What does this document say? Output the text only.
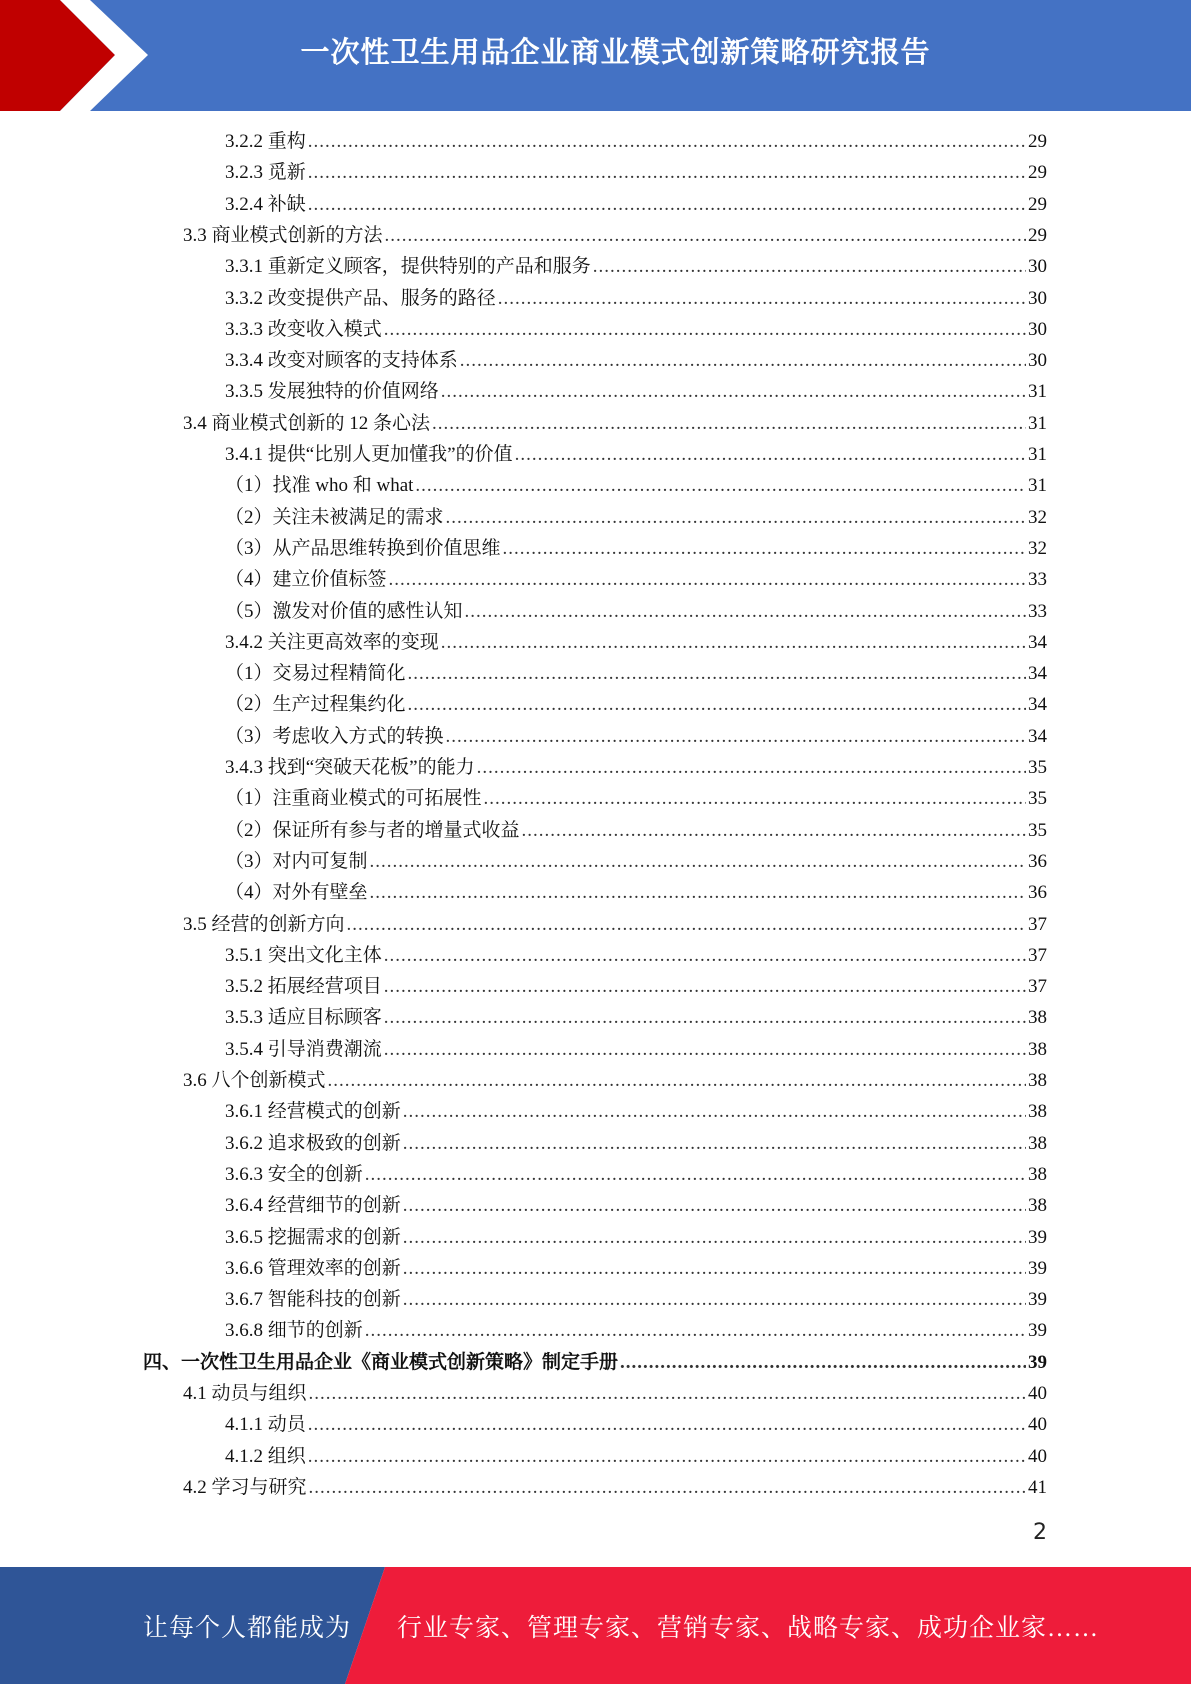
一次性卫生用品企业商业模式创新策略研究报告
3.2.2 重构 .....	29
3.2.3 觅新 .....	29
3.2.4 补缺 .....	29
3.3 商业模式创新的方法 .....	29
3.3.1 重新定义顾客，提供特别的产品和服务 .....	30
3.3.2 改变提供产品、服务的路径 .....	30
3.3.3 改变收入模式 .....	30
3.3.4 改变对顾客的支持体系 .....	30
3.3.5 发展独特的价值网络 .....	31
3.4 商业模式创新的 12 条心法 .....	31
3.4.1 提供“比别人更加懂我”的价值 .....	31
（1）找准 who 和 what .....	31
（2）关注未被满足的需求 .....	32
（3）从产品思维转换到价值思维 .....	32
（4）建立价值标签 .....	33
（5）激发对价值的感性认知 .....	33
3.4.2 关注更高效率的变现 .....	34
（1）交易过程精简化 .....	34
（2）生产过程集约化 .....	34
（3）考虑收入方式的转换 .....	34
3.4.3 找到“突破天花板”的能力 .....	35
（1）注重商业模式的可拓展性 .....	35
（2）保证所有参与者的增量式收益 .....	35
（3）对内可复制 .....	36
（4）对外有壁垒 .....	36
3.5 经营的创新方向 .....	37
3.5.1 突出文化主体 .....	37
3.5.2 拓展经营项目 .....	37
3.5.3 适应目标顾客 .....	38
3.5.4 引导消费潮流 .....	38
3.6 八个创新模式 .....	38
3.6.1 经营模式的创新 .....	38
3.6.2 追求极致的创新 .....	38
3.6.3 安全的创新 .....	38
3.6.4 经营细节的创新 .....	38
3.6.5 挖掘需求的创新 .....	39
3.6.6 管理效率的创新 .....	39
3.6.7 智能科技的创新 .....	39
3.6.8 细节的创新 .....	39
四、一次性卫生用品企业《商业模式创新策略》制定手册 .....	39
4.1 动员与组织 .....	40
4.1.1 动员 .....	40
4.1.2 组织 .....	40
4.2 学习与研究 .....	41
2
让每个人都能成为 行业专家、管理专家、营销专家、战略专家、成功企业家……
